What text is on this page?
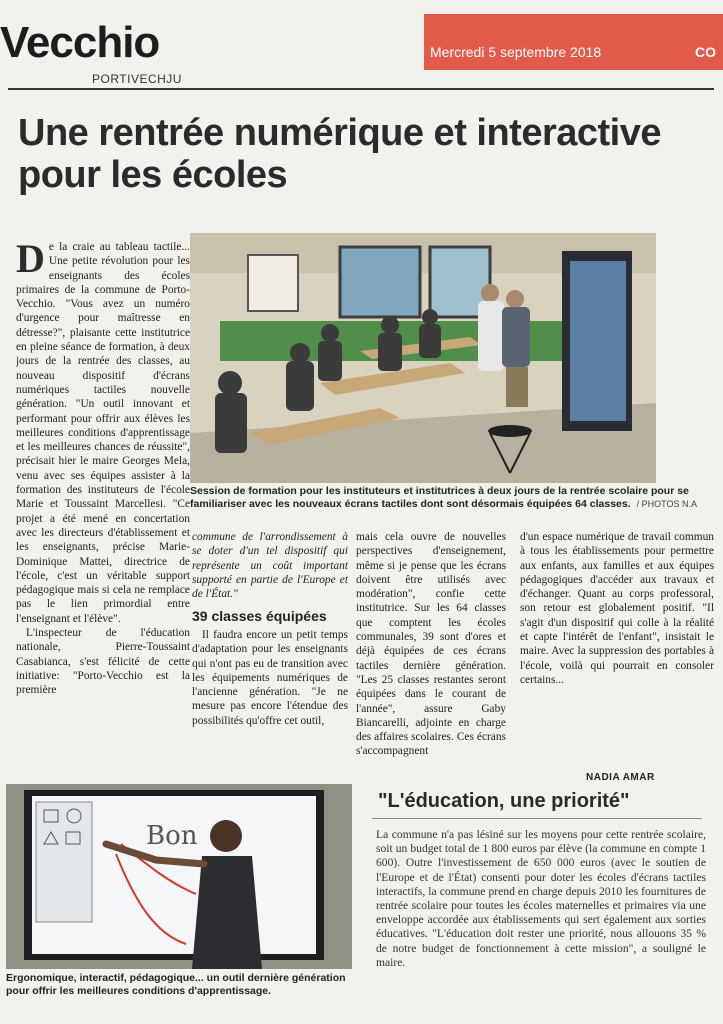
Vecchio
PORTIVECHJU
Mercredi 5 septembre 2018	CO
Une rentrée numérique et interactive pour les écoles
Session de formation pour les instituteurs et institutrices à deux jours de la rentrée scolaire pour se familiariser avec les nouveaux écrans tactiles dont sont désormais équipées 64 classes. / PHOTOS N.A
D e la craie au tableau tactile... Une petite révolution pour les enseignants des écoles primaires de la commune de Porto-Vecchio. "Vous avez un numéro d'urgence pour maîtresse en détresse?", plaisante cette institutrice en pleine séance de formation, à deux jours de la rentrée des classes, au nouveau dispositif d'écrans numériques tactiles nouvelle génération. "Un outil innovant et performant pour offrir aux élèves les meilleures conditions d'apprentissage et les meilleures chances de réussite", précisait hier le maire Georges Mela, venu avec ses équipes assister à la formation des instituteurs de l'école Marie et Toussaint Marcellesi. "Ce projet a été mené en concertation avec les directeurs d'établissement et les enseignants, précise Marie-Dominique Mattei, directrice de l'école, c'est un véritable support pédagogique mais si cela ne remplace pas le lien primordial entre l'enseignant et l'élève".

L'inspecteur de l'éducation nationale, Pierre-Toussaint Casabianca, s'est félicité de cette initiative: "Porto-Vecchio est la première

commune de l'arrondissement à se doter d'un tel dispositif qui représente un coût important supporté en partie de l'Europe et de l'État."
Il faudra encore un petit temps d'adaptation pour les enseignants qui n'ont pas eu de transition avec les équipements numériques de l'ancienne génération. "Je ne mesure pas encore l'étendue des possibilités qu'offre cet outil,
39 classes équipées

mais cela ouvre de nouvelles perspectives d'enseignement, même si je pense que les écrans doivent être utilisés avec modération", confie cette institutrice. Sur les 64 classes que comptent les écoles communales, 39 sont d'ores et déjà équipées de ces écrans tactiles dernière génération. "Les 25 classes restantes seront équipées dans le courant de l'année", assure Gaby Biancarelli, adjointe en charge des affaires scolaires. Ces écrans s'accompagnent

d'un espace numérique de travail commun à tous les établissements pour permettre aux enfants, aux familles et aux équipes pédagogiques d'accéder aux travaux et d'échanger. Quant au corps professoral, son retour est globalement positif. "Il s'agit d'un dispositif qui colle à la réalité et capte l'intérêt de l'enfant", insistait le maire. Avec la suppression des portables à l'école, voilà qui pourrait en consoler certains...

NADIA AMAR
Bon
Ergonomique, interactif, pédagogique... un outil dernière génération pour offrir les meilleures conditions d'apprentissage.
"L'éducation, une priorité"
La commune n'a pas lésiné sur les moyens pour cette rentrée scolaire, soit un budget total de 1 800 euros par élève (la commune en compte 1 600). Outre l'investissement de 650 000 euros (avec le soutien de l'Europe et de l'État) consenti pour doter les écoles d'écrans tactiles interactifs, la commune prend en charge depuis 2010 les fournitures de rentrée scolaire pour toutes les écoles maternelles et primaires via une enveloppe accordée aux établissements qui sert également aux sorties éducatives. "L'éducation doit rester une priorité, nous allouons 35 % de notre budget de fonctionnement à cette mission", a souligné le maire.
